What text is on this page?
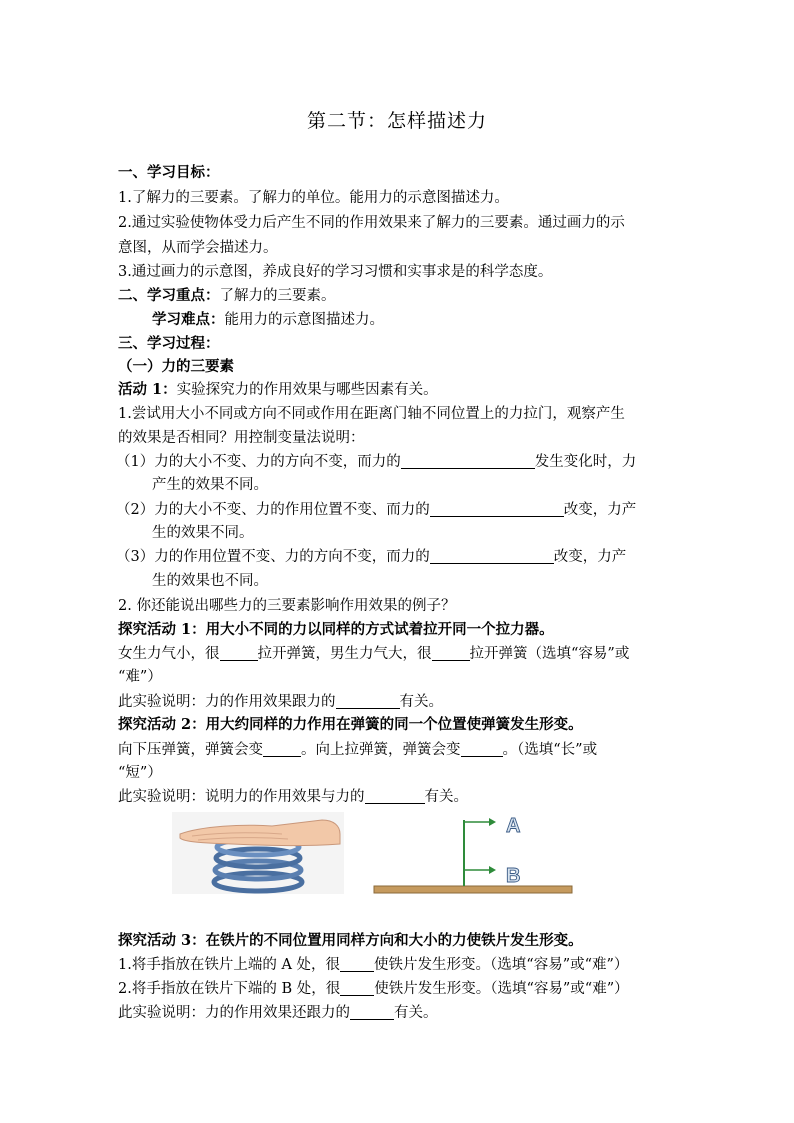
第二节：怎样描述力
一、学习目标：
1.了解力的三要素。了解力的单位。能用力的示意图描述力。
2.通过实验使物体受力后产生不同的作用效果来了解力的三要素。通过画力的示
意图，从而学会描述力。
3.通过画力的示意图，养成良好的学习习惯和实事求是的科学态度。
二、学习重点：了解力的三要素。
学习难点：能用力的示意图描述力。
三、学习过程：
（一）力的三要素
活动 1：实验探究力的作用效果与哪些因素有关。
1.尝试用大小不同或方向不同或作用在距离门轴不同位置上的力拉门，观察产生
的效果是否相同？用控制变量法说明：
（1）力的大小不变、力的方向不变，而力的	发生变化时，力
产生的效果不同。
（2）力的大小不变、力的作用位置不变、而力的	改变，力产
生的效果不同。
（3）力的作用位置不变、力的方向不变，而力的	改变，力产
生的效果也不同。
2. 你还能说出哪些力的三要素影响作用效果的例子？
探究活动 1：用大小不同的力以同样的方式试着拉开同一个拉力器。
女生力气小，很	拉开弹簧，男生力气大，很	拉开弹簧（选填“容易”或
“难”）
此实验说明：力的作用效果跟力的	有关。
探究活动 2：用大约同样的力作用在弹簧的同一个位置使弹簧发生形变。
向下压弹簧，弹簧会变	。向上拉弹簧，弹簧会变	。（选填“长”或
“短”）
此实验说明：说明力的作用效果与力的	有关。
A
B
探究活动 3：在铁片的不同位置用同样方向和大小的力使铁片发生形变。
1.将手指放在铁片上端的 A 处，很 使铁片发生形变。（选填“容易”或“难”）
2.将手指放在铁片下端的 B 处，很 使铁片发生形变。（选填“容易”或“难”）
此实验说明：力的作用效果还跟力的	有关。
